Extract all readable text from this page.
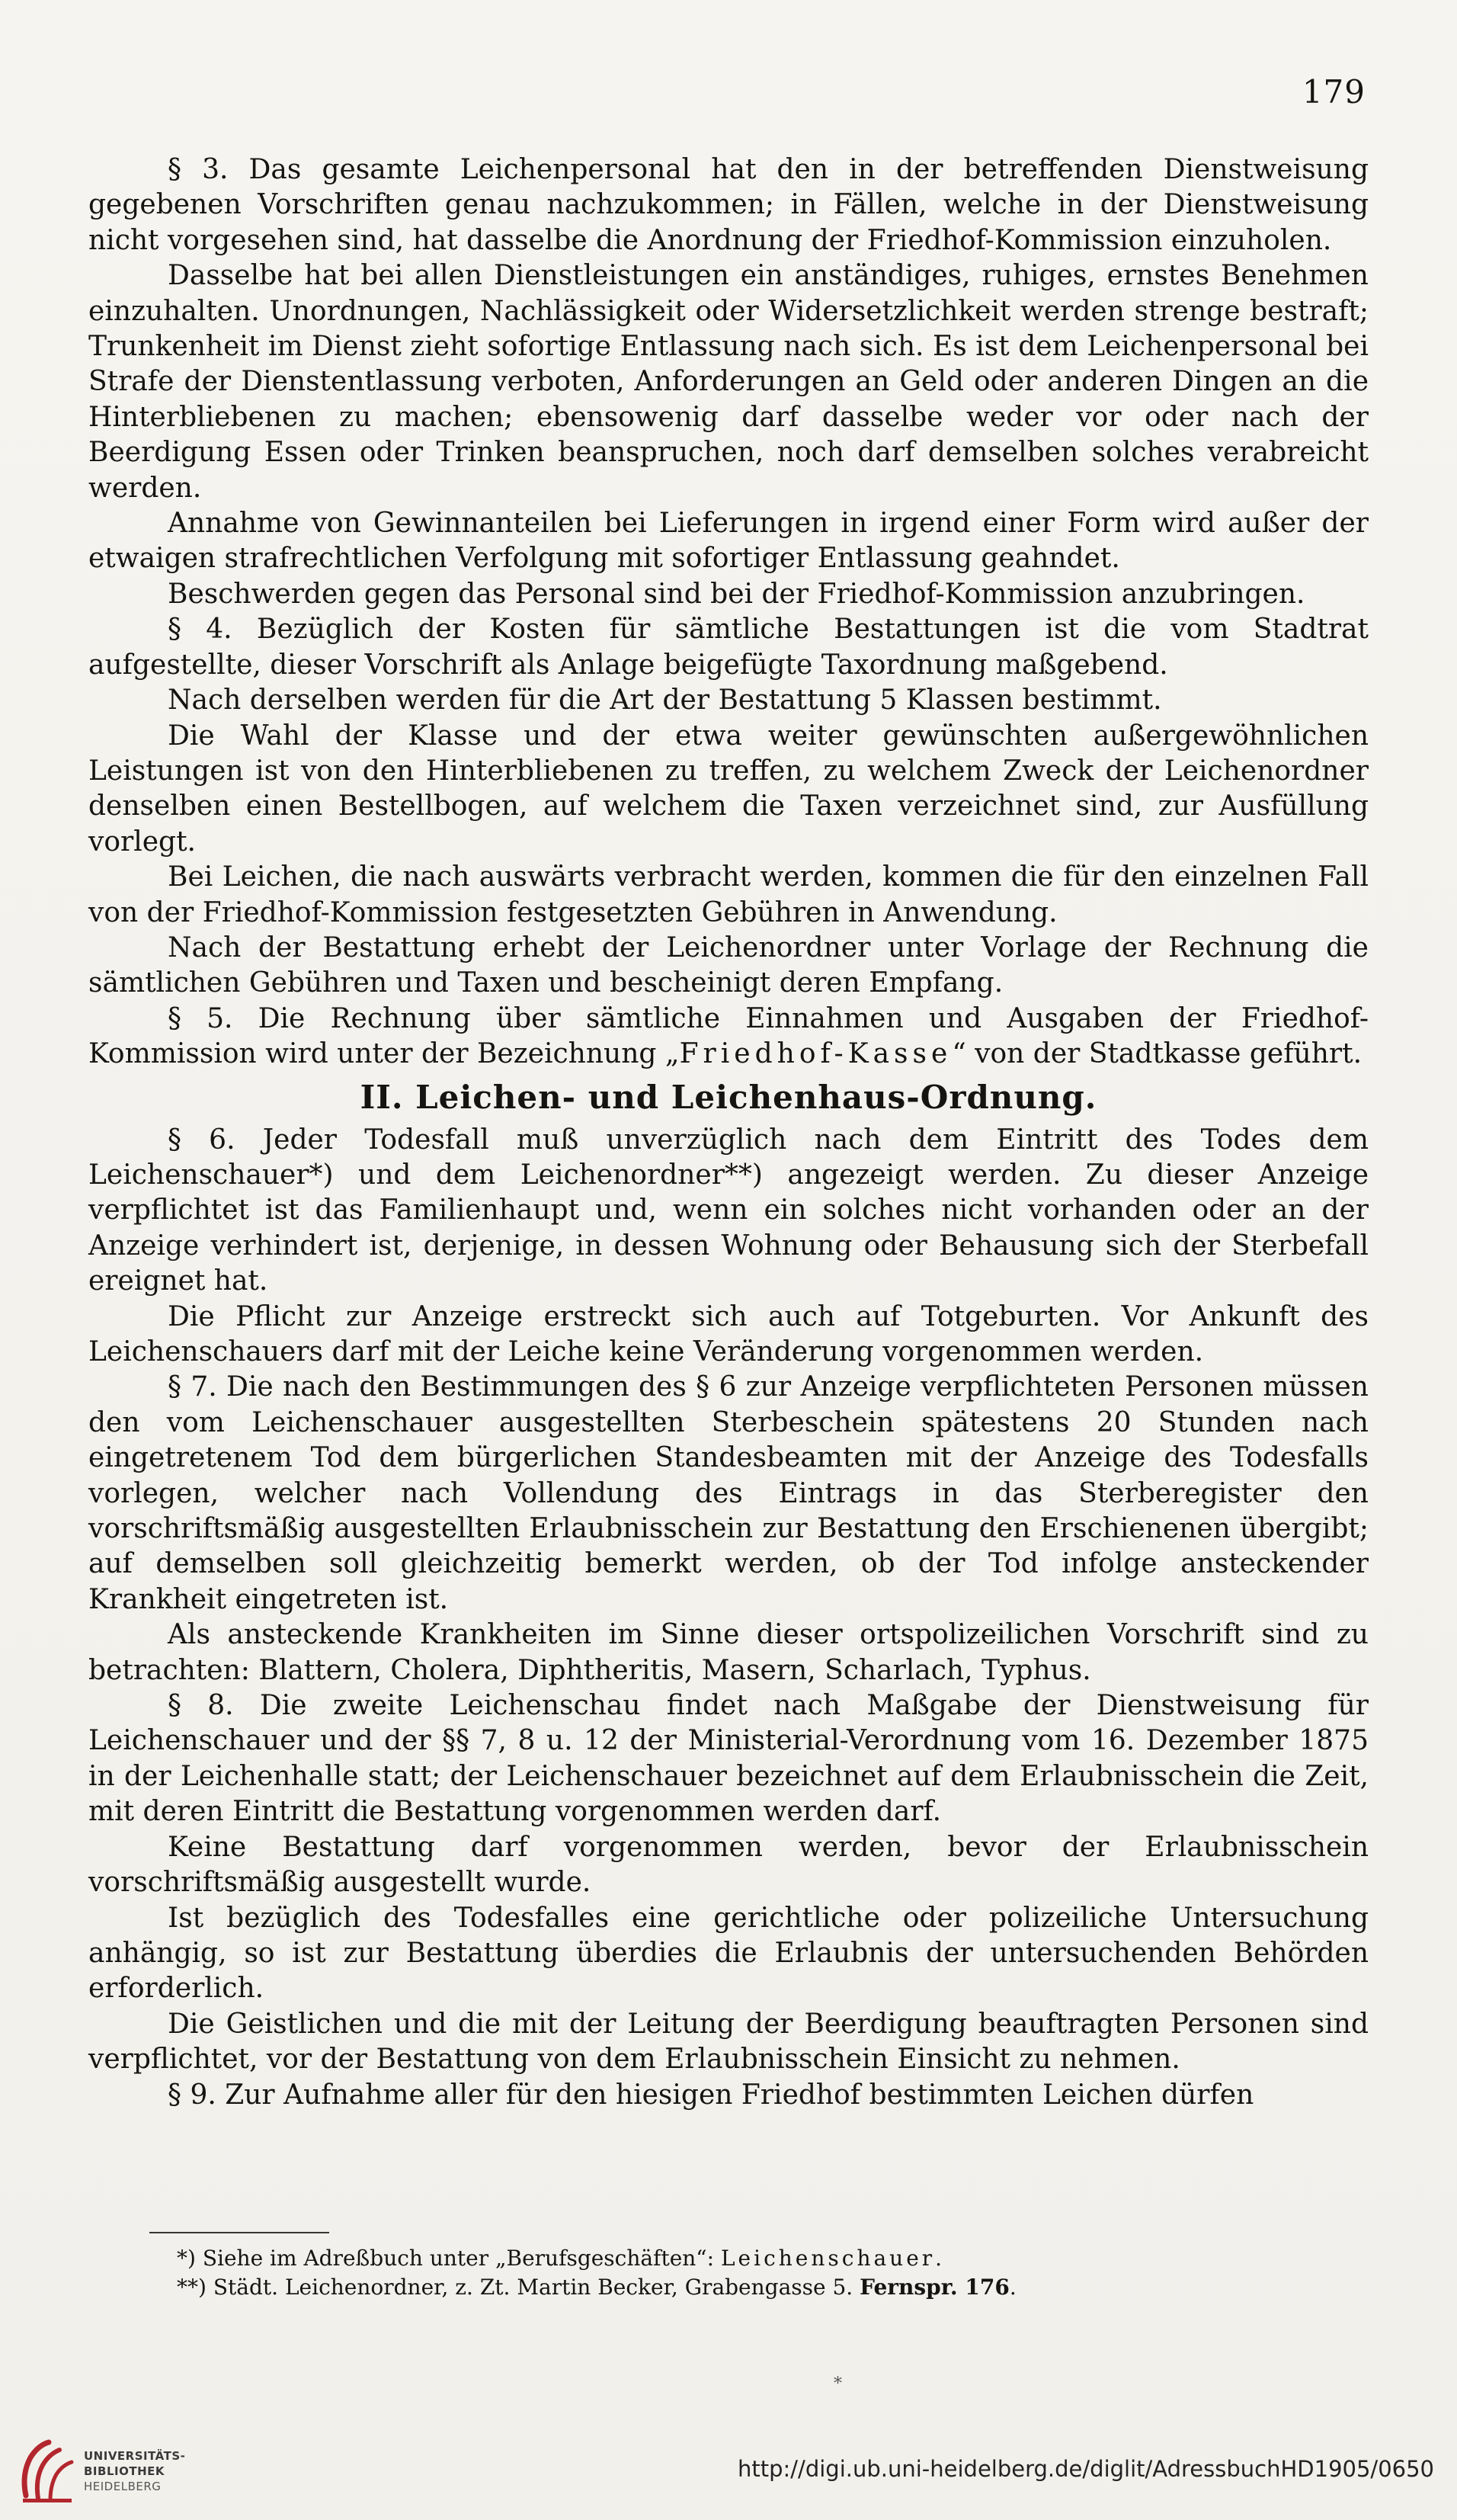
179

§ 3. Das gesamte Leichenpersonal hat den in der betreffenden Dienstweisung gegebenen Vorschriften genau nachzukommen; in Fällen, welche in der Dienstweisung nicht vorgesehen sind, hat dasselbe die Anordnung der Friedhof-Kommission einzuholen.

Dasselbe hat bei allen Dienstleistungen ein anständiges, ruhiges, ernstes Benehmen einzuhalten. Unordnungen, Nachlässigkeit oder Widersetzlichkeit werden strenge bestraft; Trunkenheit im Dienst zieht sofortige Entlassung nach sich. Es ist dem Leichenpersonal bei Strafe der Dienstentlassung verboten, Anforderungen an Geld oder anderen Dingen an die Hinterbliebenen zu machen; ebensowenig darf dasselbe weder vor oder nach der Beerdigung Essen oder Trinken beanspruchen, noch darf demselben solches verabreicht werden.

Annahme von Gewinnanteilen bei Lieferungen in irgend einer Form wird außer der etwaigen strafrechtlichen Verfolgung mit sofortiger Entlassung geahndet.

Beschwerden gegen das Personal sind bei der Friedhof-Kommission anzubringen.

§ 4. Bezüglich der Kosten für sämtliche Bestattungen ist die vom Stadtrat aufgestellte, dieser Vorschrift als Anlage beigefügte Taxordnung maßgebend.

Nach derselben werden für die Art der Bestattung 5 Klassen bestimmt.

Die Wahl der Klasse und der etwa weiter gewünschten außergewöhnlichen Leistungen ist von den Hinterbliebenen zu treffen, zu welchem Zweck der Leichenordner denselben einen Bestellbogen, auf welchem die Taxen verzeichnet sind, zur Ausfüllung vorlegt.

Bei Leichen, die nach auswärts verbracht werden, kommen die für den einzelnen Fall von der Friedhof-Kommission festgesetzten Gebühren in Anwendung.

Nach der Bestattung erhebt der Leichenordner unter Vorlage der Rechnung die sämtlichen Gebühren und Taxen und bescheinigt deren Empfang.

§ 5. Die Rechnung über sämtliche Einnahmen und Ausgaben der Friedhof-Kommission wird unter der Bezeichnung „Friedhof-Kasse“ von der Stadtkasse geführt.

II. Leichen- und Leichenhaus-Ordnung.

§ 6. Jeder Todesfall muß unverzüglich nach dem Eintritt des Todes dem Leichenschauer*) und dem Leichenordner**) angezeigt werden. Zu dieser Anzeige verpflichtet ist das Familienhaupt und, wenn ein solches nicht vorhanden oder an der Anzeige verhindert ist, derjenige, in dessen Wohnung oder Behausung sich der Sterbefall ereignet hat.

Die Pflicht zur Anzeige erstreckt sich auch auf Totgeburten. Vor Ankunft des Leichenschauers darf mit der Leiche keine Veränderung vorgenommen werden.

§ 7. Die nach den Bestimmungen des § 6 zur Anzeige verpflichteten Personen müssen den vom Leichenschauer ausgestellten Sterbeschein spätestens 20 Stunden nach eingetretenem Tod dem bürgerlichen Standesbeamten mit der Anzeige des Todesfalls vorlegen, welcher nach Vollendung des Eintrags in das Sterberegister den vorschriftsmäßig ausgestellten Erlaubnisschein zur Bestattung den Erschienenen übergibt; auf demselben soll gleichzeitig bemerkt werden, ob der Tod infolge ansteckender Krankheit eingetreten ist.

Als ansteckende Krankheiten im Sinne dieser ortspolizeilichen Vorschrift sind zu betrachten: Blattern, Cholera, Diphtheritis, Masern, Scharlach, Typhus.

§ 8. Die zweite Leichenschau findet nach Maßgabe der Dienstweisung für Leichenschauer und der §§ 7, 8 u. 12 der Ministerial-Verordnung vom 16. Dezember 1875 in der Leichenhalle statt; der Leichenschauer bezeichnet auf dem Erlaubnisschein die Zeit, mit deren Eintritt die Bestattung vorgenommen werden darf.

Keine Bestattung darf vorgenommen werden, bevor der Erlaubnisschein vorschriftsmäßig ausgestellt wurde.

Ist bezüglich des Todesfalles eine gerichtliche oder polizeiliche Untersuchung anhängig, so ist zur Bestattung überdies die Erlaubnis der untersuchenden Behörden erforderlich.

Die Geistlichen und die mit der Leitung der Beerdigung beauftragten Personen sind verpflichtet, vor der Bestattung von dem Erlaubnisschein Einsicht zu nehmen.

§ 9. Zur Aufnahme aller für den hiesigen Friedhof bestimmten Leichen dürfen

*) Siehe im Adreßbuch unter „Berufsgeschäften“: Leichenschauer.

**) Städt. Leichenordner, z. Zt. Martin Becker, Grabengasse 5. Fernspr. 176.

*
UNIVERSITÄTS-
BIBLIOTHEK
HEIDELBERG
http://digi.ub.uni-heidelberg.de/diglit/AdressbuchHD1905/0650
